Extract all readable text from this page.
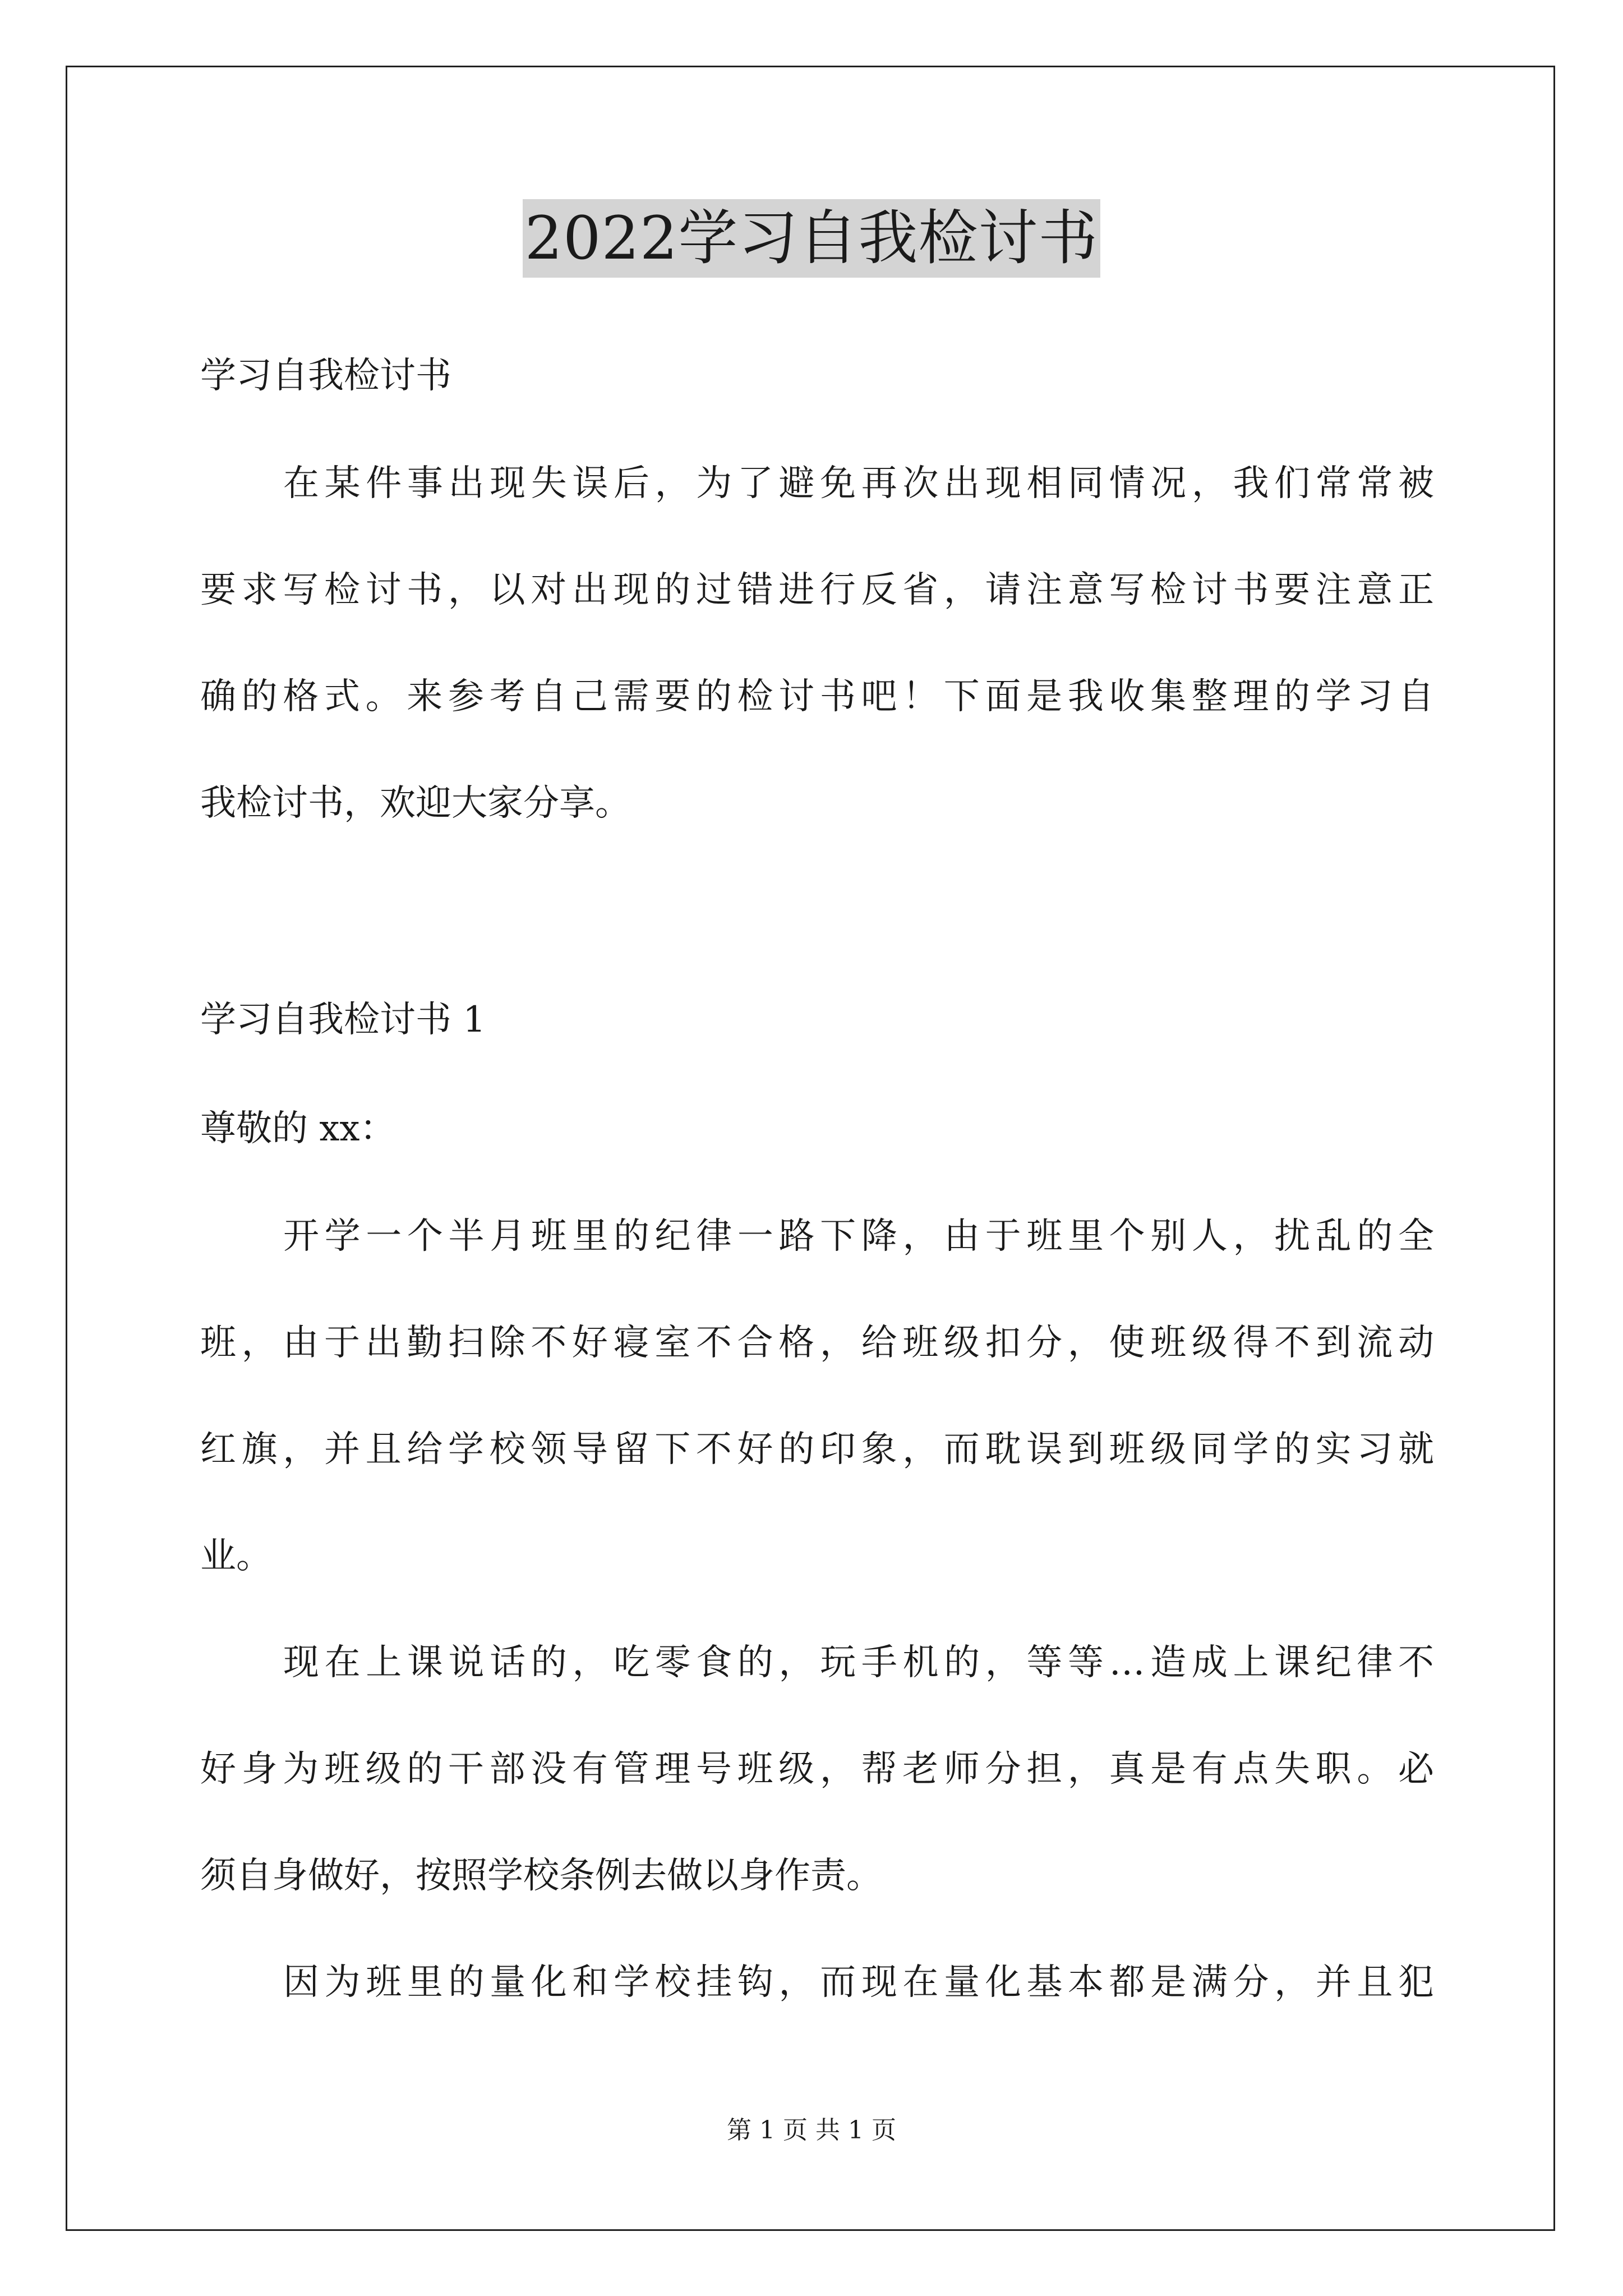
2022学习自我检讨书
学习自我检讨书
在某件事出现失误后，为了避免再次出现相同情况，我们常常被
要求写检讨书，以对出现的过错进行反省，请注意写检讨书要注意正
确的格式。来参考自己需要的检讨书吧！下面是我收集整理的学习自
我检讨书，欢迎大家分享。
学习自我检讨书 1
尊敬的 xx：
开学一个半月班里的纪律一路下降，由于班里个别人，扰乱的全
班，由于出勤扫除不好寝室不合格，给班级扣分，使班级得不到流动
红旗，并且给学校领导留下不好的印象，而耽误到班级同学的实习就
业。
现在上课说话的，吃零食的，玩手机的，等等…造成上课纪律不
好身为班级的干部没有管理号班级，帮老师分担，真是有点失职。必
须自身做好，按照学校条例去做以身作责。
因为班里的量化和学校挂钩，而现在量化基本都是满分，并且犯
第 1 页 共 1 页
